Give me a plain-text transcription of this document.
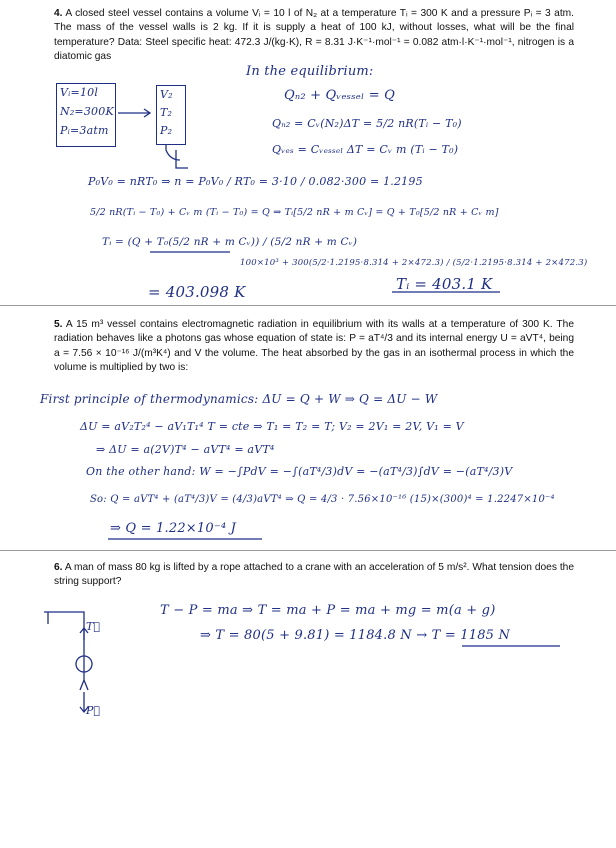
4. A closed steel vessel contains a volume Vᵢ = 10 l of N₂ at a temperature Tᵢ = 300 K and a pressure Pᵢ = 3 atm. The mass of the vessel walls is 2 kg. If it is supply a heat of 100 kJ, without losses, what will be the final temperature? Data: Steel specific heat: 472.3 J/(kg·K), R = 8.31 J·K⁻¹·mol⁻¹ = 0.082 atm·l·K⁻¹·mol⁻¹, nitrogen is a diatomic gas
Vᵢ=10l
N₂=300K
Pᵢ=3atm
V₂
T₂
P₂
In the equilibrium:
Qₙ₂ + Qᵥₑₛₛₑₗ = Q
Qₙ₂ = Cᵥ(N₂)ΔT = 5/2 nR(Tᵢ − T₀)
Qᵥₑₛ = Cᵥₑₛₛₑₗ ΔT = Cᵥ m (Tᵢ − T₀)
P₀V₀ = nRT₀ ⇒ n = P₀V₀ / RT₀ = 3·10 / 0.082·300 = 1.2195
5/2 nR(Tᵢ − T₀) + Cᵥ m (Tᵢ − T₀) = Q ⇒ Tᵢ[5/2 nR + m Cᵥ] = Q + T₀[5/2 nR + Cᵥ m]
Tᵢ = (Q + T₀(5/2 nR + m Cᵥ)) / (5/2 nR + m Cᵥ)
100×10³ + 300(5/2·1.2195·8.314 + 2×472.3) / (5/2·1.2195·8.314 + 2×472.3)
= 403.098 K	Tᵢ = 403.1 K
5. A 15 m³ vessel contains electromagnetic radiation in equilibrium with its walls at a temperature of 300 K. The radiation behaves like a photons gas whose equation of state is: P = aT⁴/3 and its internal energy U = aVT⁴, being a = 7.56 × 10⁻¹⁶ J/(m³K⁴) and V the volume. The heat absorbed by the gas in an isothermal process in which the volume is multiplied by two is:
First principle of thermodynamics: ΔU = Q + W ⇒ Q = ΔU − W
ΔU = aV₂T₂⁴ − aV₁T₁⁴ T = cte ⇒ T₁ = T₂ = T; V₂ = 2V₁ = 2V, V₁ = V
⇒ ΔU = a(2V)T⁴ − aVT⁴ = aVT⁴
On the other hand: W = −∫PdV = −∫(aT⁴/3)dV = −(aT⁴/3)∫dV = −(aT⁴/3)V
So: Q = aVT⁴ + (aT⁴/3)V = (4/3)aVT⁴ ⇒ Q = 4/3 · 7.56×10⁻¹⁶ (15)×(300)⁴ = 1.2247×10⁻⁴
⇒ Q = 1.22×10⁻⁴ J
6. A man of mass 80 kg is lifted by a rope attached to a crane with an acceleration of 5 m/s². What tension does the string support?
T − P = ma ⇒ T = ma + P = ma + mg = m(a + g)
⇒ T = 80(5 + 9.81) = 1184.8 N → T = 1185 N
T⃗
P⃗
